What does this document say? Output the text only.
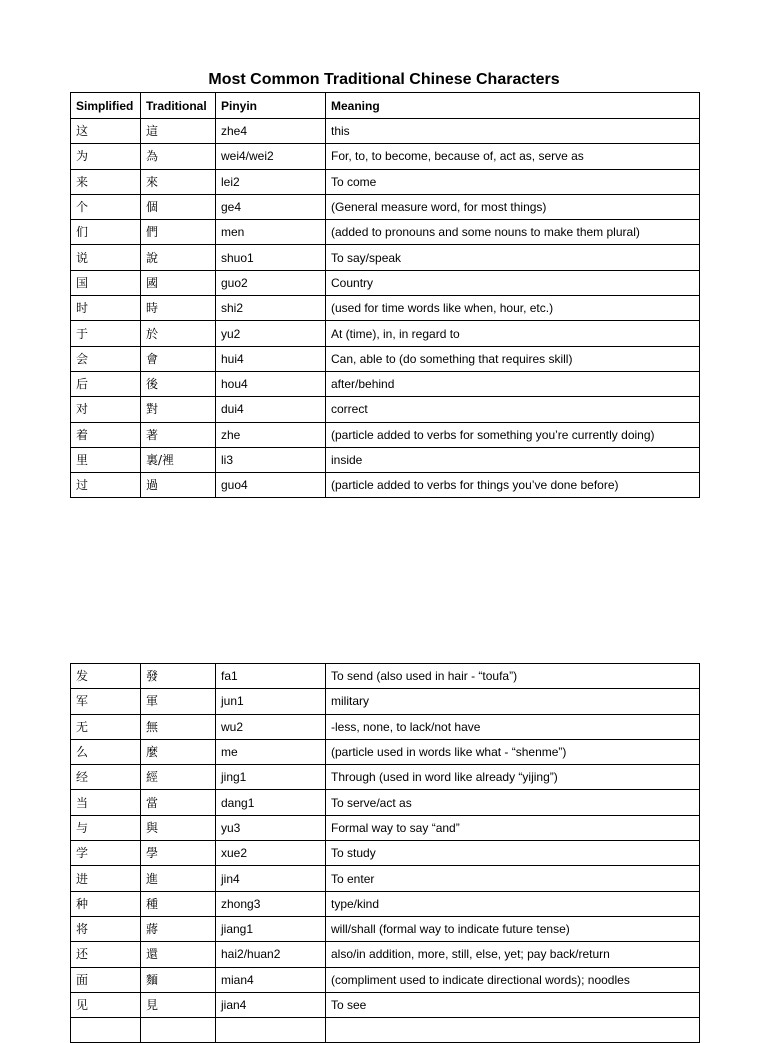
Most Common Traditional Chinese Characters
Simplified	Traditional	Pinyin	Meaning
这	這	zhe4	this
为	為	wei4/wei2	For, to, to become, because of, act as, serve as
来	來	lei2	To come
个	個	ge4	(General measure word, for most things)
们	們	men	(added to pronouns and some nouns to make them plural)
说	說	shuo1	To say/speak
国	國	guo2	Country
时	時	shi2	(used for time words like when, hour, etc.)
于	於	yu2	At (time), in, in regard to
会	會	hui4	Can, able to (do something that requires skill)
后	後	hou4	after/behind
对	對	dui4	correct
着	著	zhe	(particle added to verbs for something you’re currently doing)
里	裏/裡	li3	inside
过	過	guo4	(particle added to verbs for things you’ve done before)
发	發	fa1	To send (also used in hair - “toufa”)
军	軍	jun1	military
无	無	wu2	-less, none, to lack/not have
么	麼	me	(particle used in words like what - “shenme”)
经	經	jing1	Through (used in word like already “yijing”)
当	當	dang1	To serve/act as
与	與	yu3	Formal way to say “and”
学	學	xue2	To study
进	進	jin4	To enter
种	種	zhong3	type/kind
将	蔣	jiang1	will/shall (formal way to indicate future tense)
还	還	hai2/huan2	also/in addition, more, still, else, yet; pay back/return
面	麵	mian4	(compliment used to indicate directional words); noodles
见	見	jian4	To see
